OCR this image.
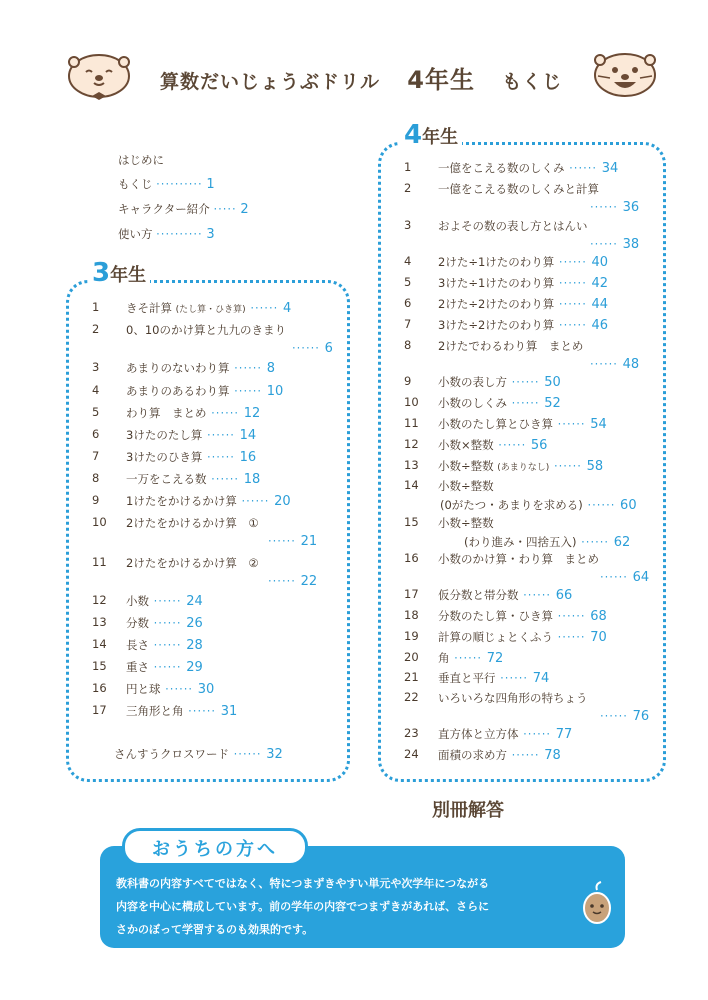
算数だいじょうぶドリル 4年生 もくじ
はじめに
もくじ ·········· 1
キャラクター紹介 ····· 2
使い方 ·········· 3
3年生
1	きそ計算 (たし算・ひき算) ······ 4
2	0、10のかけ算と九九のきまり
······ 6
3	あまりのないわり算 ······ 8
4	あまりのあるわり算 ······ 10
5	わり算　まとめ ······ 12
6	3けたのたし算 ······ 14
7	3けたのひき算 ······ 16
8	一万をこえる数 ······ 18
9	1けたをかけるかけ算 ······ 20
10	2けたをかけるかけ算　①
······ 21
11	2けたをかけるかけ算　②
······ 22
12	小数 ······ 24
13	分数 ······ 26
14	長さ ······ 28
15	重さ ······ 29
16	円と球 ······ 30
17	三角形と角 ······ 31
さんすうクロスワード ······ 32
4年生
1	一億をこえる数のしくみ ······ 34
2	一億をこえる数のしくみと計算
······ 36
3	およその数の表し方とはんい
······ 38
4	2けた÷1けたのわり算 ······ 40
5	3けた÷1けたのわり算 ······ 42
6	2けた÷2けたのわり算 ······ 44
7	3けた÷2けたのわり算 ······ 46
8	2けたでわるわり算　まとめ
······ 48
9	小数の表し方 ······ 50
10	小数のしくみ ······ 52
11	小数のたし算とひき算 ······ 54
12	小数×整数 ······ 56
13	小数÷整数 (あまりなし) ······ 58
14	小数÷整数
(0がたつ・あまりを求める) ······ 60
15	小数÷整数
(わり進み・四捨五入) ······ 62
16	小数のかけ算・わり算　まとめ
······ 64
17	仮分数と帯分数 ······ 66
18	分数のたし算・ひき算 ······ 68
19	計算の順じょとくふう ······ 70
20	角 ······ 72
21	垂直と平行 ······ 74
22	いろいろな四角形の特ちょう
······ 76
23	直方体と立方体 ······ 77
24	面積の求め方 ······ 78
別冊解答
おうちの方へ
教科書の内容すべてではなく、特につまずきやすい単元や次学年につながる
内容を中心に構成しています。前の学年の内容でつまずきがあれば、さらに
さかのぼって学習するのも効果的です。
